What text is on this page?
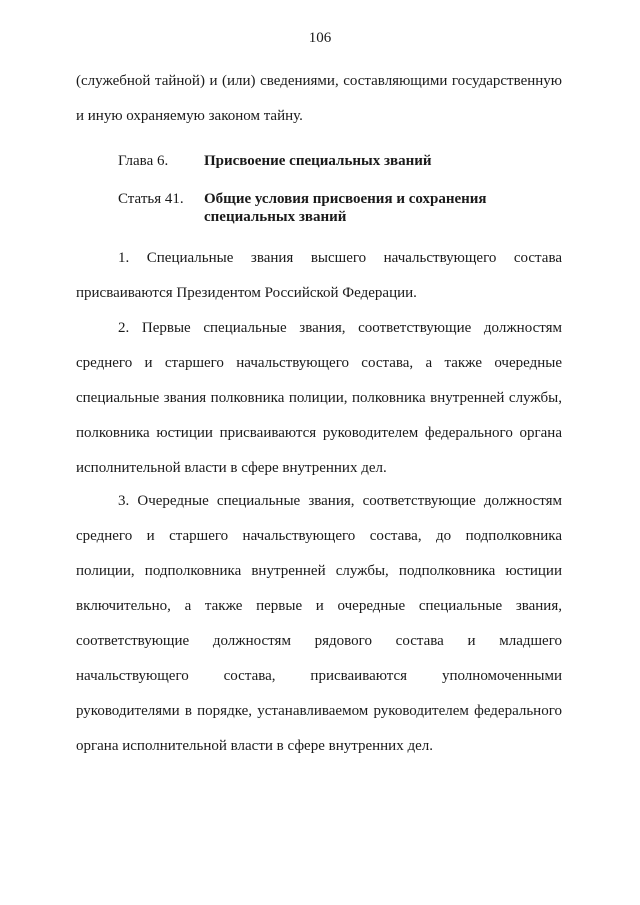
106
(служебной тайной) и (или) сведениями, составляющими государственную
и иную охраняемую законом тайну.
Глава 6.	Присвоение специальных званий
Статья 41.	Общие условия присвоения и сохранения
специальных званий
1. Специальные звания высшего начальствующего состава
присваиваются Президентом Российской Федерации.
2. Первые специальные звания, соответствующие должностям
среднего и старшего начальствующего состава, а также очередные
специальные звания полковника полиции, полковника внутренней службы,
полковника юстиции присваиваются руководителем федерального органа
исполнительной власти в сфере внутренних дел.
3. Очередные специальные звания, соответствующие должностям
среднего и старшего начальствующего состава, до подполковника
полиции, подполковника внутренней службы, подполковника юстиции
включительно, а также первые и очередные специальные звания,
соответствующие должностям рядового состава и младшего
начальствующего состава, присваиваются уполномоченными
руководителями в порядке, устанавливаемом руководителем федерального
органа исполнительной власти в сфере внутренних дел.
